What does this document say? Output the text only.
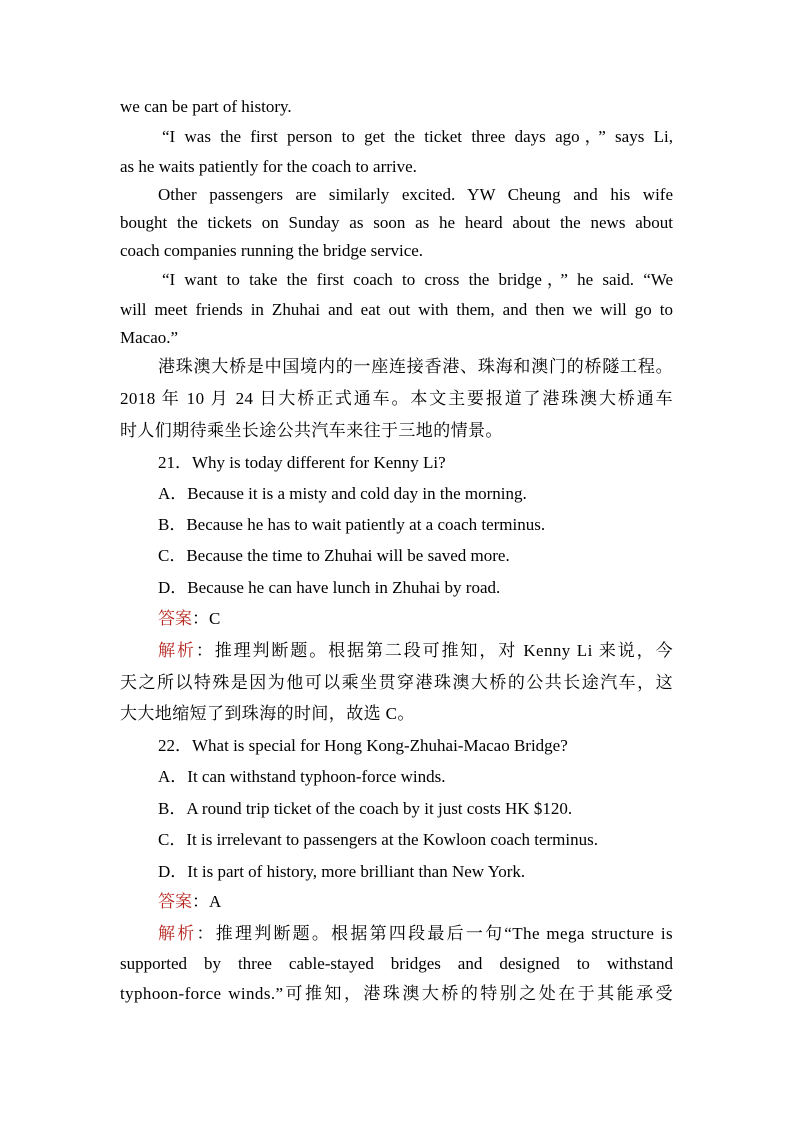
we can be part of history.
“I was the first person to get the ticket three days ago，” says Li,
as he waits patiently for the coach to arrive.
Other passengers are similarly excited. YW Cheung and his wife
bought the tickets on Sunday as soon as he heard about the news about
coach companies running the bridge service.
“I want to take the first coach to cross the bridge，” he said. “We
will meet friends in Zhuhai and eat out with them, and then we will go to
Macao.”
港珠澳大桥是中国境内的一座连接香港、珠海和澳门的桥隧工程。
2018 年 10 月 24 日大桥正式通车。本文主要报道了港珠澳大桥通车
时人们期待乘坐长途公共汽车来往于三地的情景。
21．Why is today different for Kenny Li?
A．Because it is a misty and cold day in the morning.
B．Because he has to wait patiently at a coach terminus.
C．Because the time to Zhuhai will be saved more.
D．Because he can have lunch in Zhuhai by road.
答案：C
解析：推理判断题。根据第二段可推知，对 Kenny Li 来说，今
天之所以特殊是因为他可以乘坐贯穿港珠澳大桥的公共长途汽车，这
大大地缩短了到珠海的时间，故选 C。
22．What is special for Hong Kong-Zhuhai-Macao Bridge?
A．It can withstand typhoon-force winds.
B．A round trip ticket of the coach by it just costs HK $120.
C．It is irrelevant to passengers at the Kowloon coach terminus.
D．It is part of history, more brilliant than New York.
答案：A
解析：推理判断题。根据第四段最后一句“The mega structure is
supported by three cable-stayed bridges and designed to withstand
typhoon-force winds.”可推知，港珠澳大桥的特别之处在于其能承受
